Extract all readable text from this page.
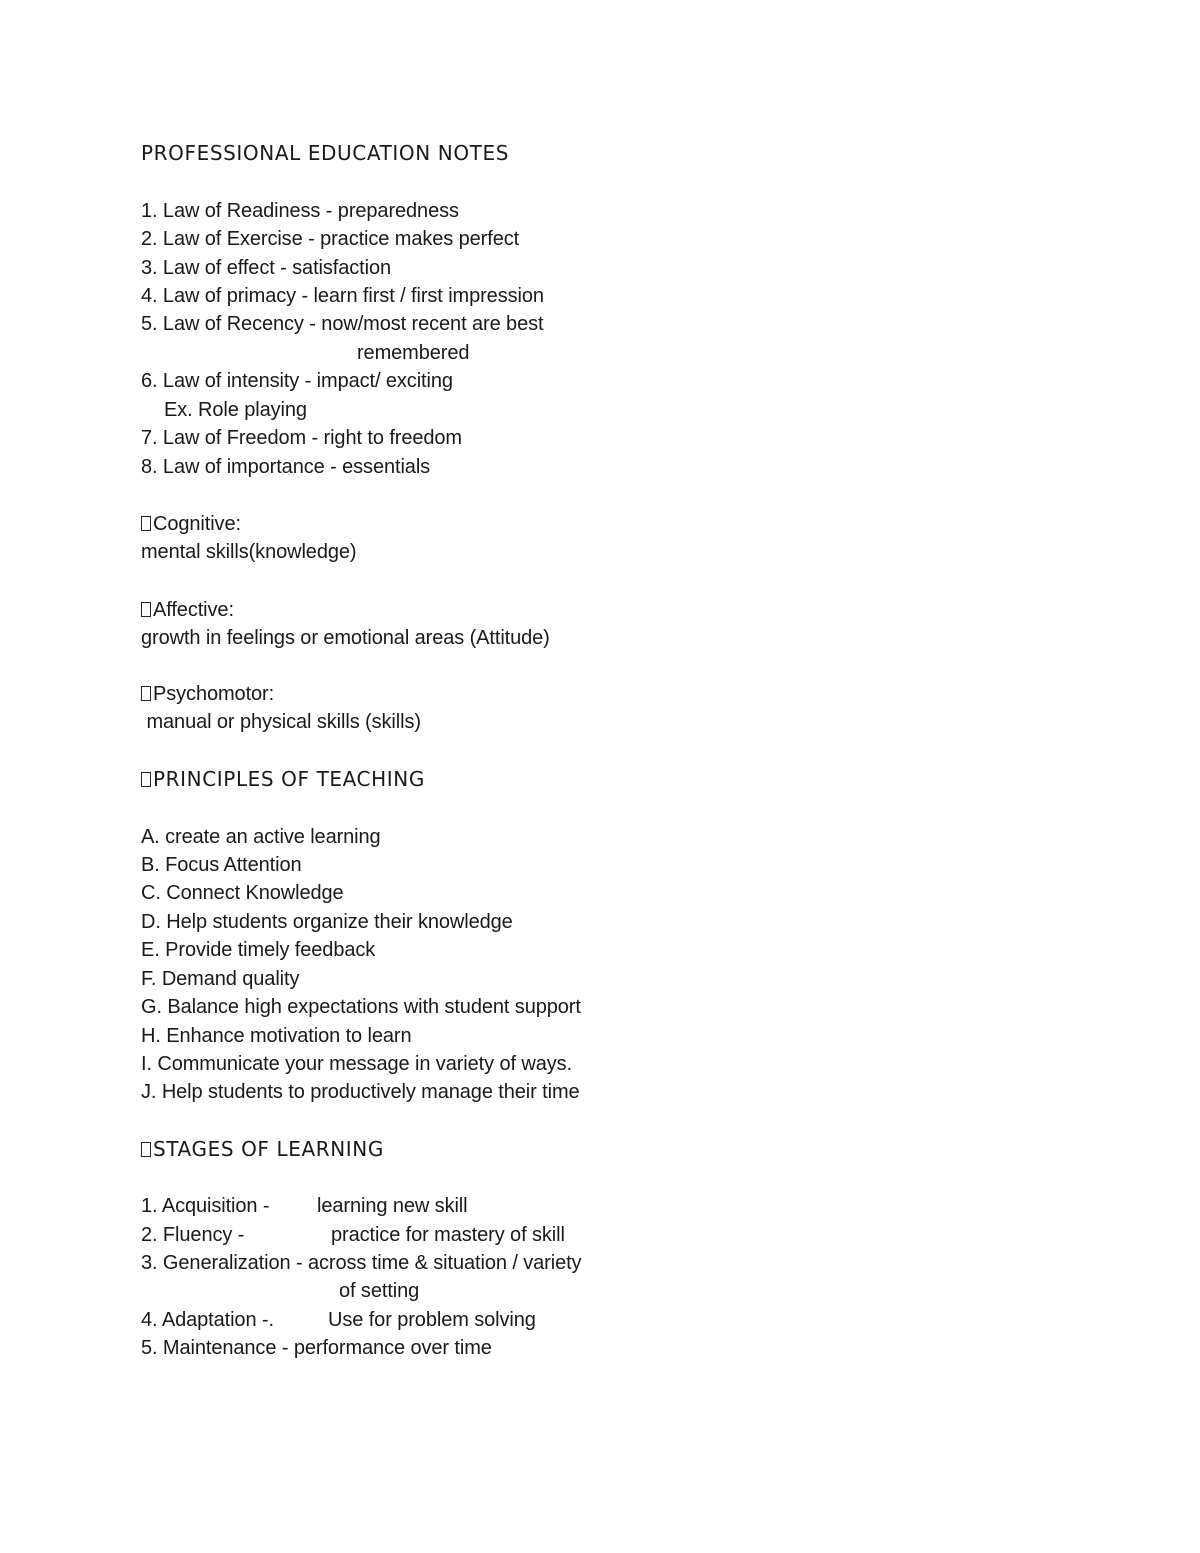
PROFESSIONAL EDUCATION NOTES

1. Law of Readiness - preparedness

2. Law of Exercise - practice makes perfect

3. Law of effect - satisfaction

4. Law of primacy - learn first / first impression

5. Law of Recency - now/most recent are best

remembered

6. Law of intensity - impact/ exciting

Ex. Role playing

7. Law of Freedom - right to freedom

8. Law of importance - essentials

Cognitive:

mental skills(knowledge)

Affective:

growth in feelings or emotional areas (Attitude)

Psychomotor:

manual or physical skills (skills)

PRINCIPLES OF TEACHING

A. create an active learning

B. Focus Attention

C. Connect Knowledge

D. Help students organize their knowledge

E. Provide timely feedback

F. Demand quality

G. Balance high expectations with student support

H. Enhance motivation to learn

I. Communicate your message in variety of ways.

J. Help students to productively manage their time

STAGES OF LEARNING

1. Acquisition - learning new skill

2. Fluency -	practice for mastery of skill

3. Generalization - across time & situation / variety

of setting

4. Adaptation -.	Use for problem solving

5. Maintenance - performance over time
